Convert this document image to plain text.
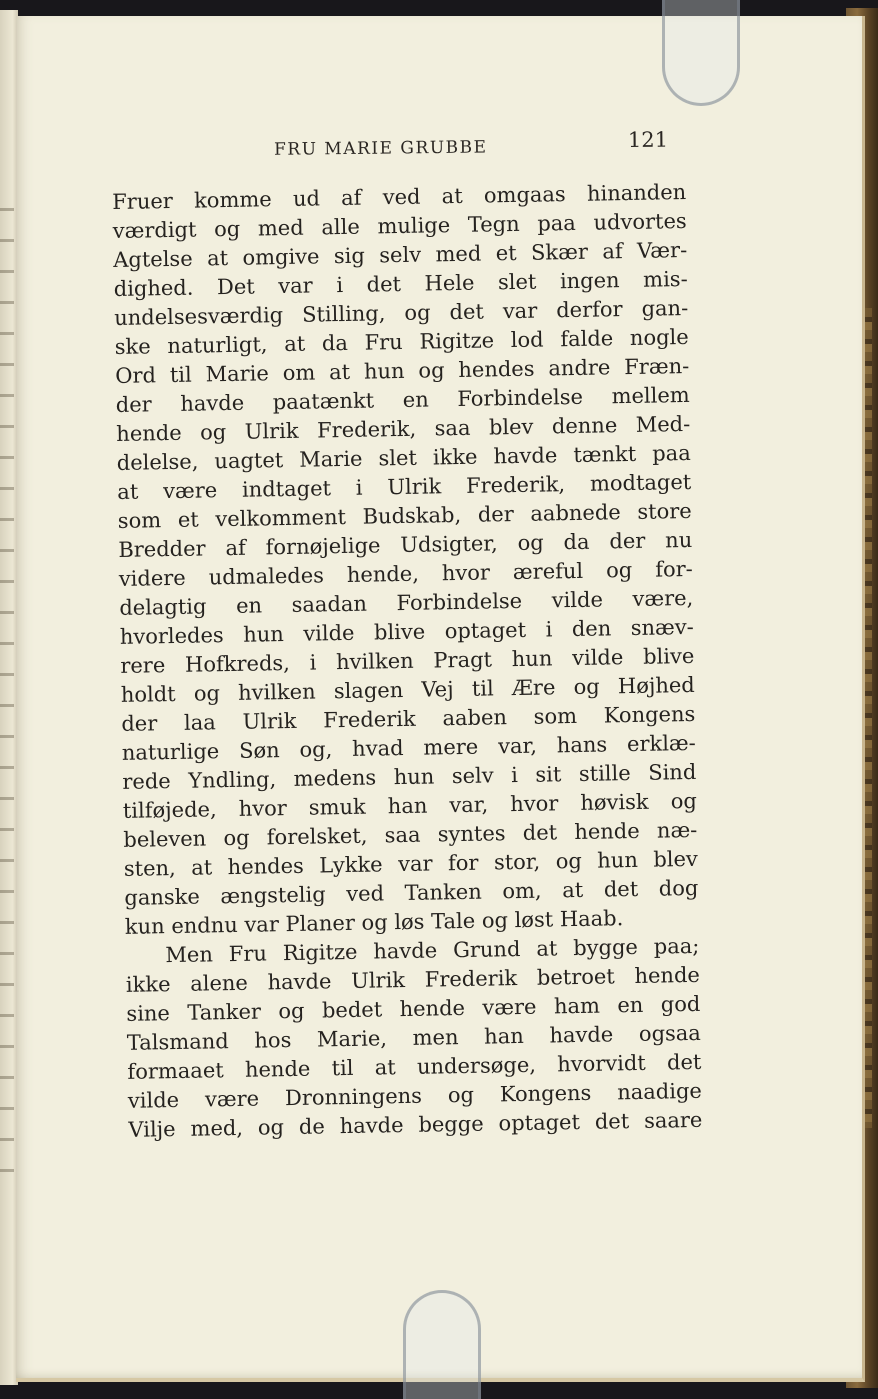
FRU MARIE GRUBBE	121
Fruer komme ud af ved at omgaas hinanden
værdigt og med alle mulige Tegn paa udvortes
Agtelse at omgive sig selv med et Skær af Vær-
dighed. Det var i det Hele slet ingen mis-
undelsesværdig Stilling, og det var derfor gan-
ske naturligt, at da Fru Rigitze lod falde nogle
Ord til Marie om at hun og hendes andre Fræn-
der havde paatænkt en Forbindelse mellem
hende og Ulrik Frederik, saa blev denne Med-
delelse, uagtet Marie slet ikke havde tænkt paa
at være indtaget i Ulrik Frederik, modtaget
som et velkomment Budskab, der aabnede store
Bredder af fornøjelige Udsigter, og da der nu
videre udmaledes hende, hvor æreful og for-
delagtig en saadan Forbindelse vilde være,
hvorledes hun vilde blive optaget i den snæv-
rere Hofkreds, i hvilken Pragt hun vilde blive
holdt og hvilken slagen Vej til Ære og Højhed
der laa Ulrik Frederik aaben som Kongens
naturlige Søn og, hvad mere var, hans erklæ-
rede Yndling, medens hun selv i sit stille Sind
tilføjede, hvor smuk han var, hvor høvisk og
beleven og forelsket, saa syntes det hende næ-
sten, at hendes Lykke var for stor, og hun blev
ganske ængstelig ved Tanken om, at det dog
kun endnu var Planer og løs Tale og løst Haab.
Men Fru Rigitze havde Grund at bygge paa;
ikke alene havde Ulrik Frederik betroet hende
sine Tanker og bedet hende være ham en god
Talsmand hos Marie, men han havde ogsaa
formaaet hende til at undersøge, hvorvidt det
vilde være Dronningens og Kongens naadige
Vilje med, og de havde begge optaget det saare
